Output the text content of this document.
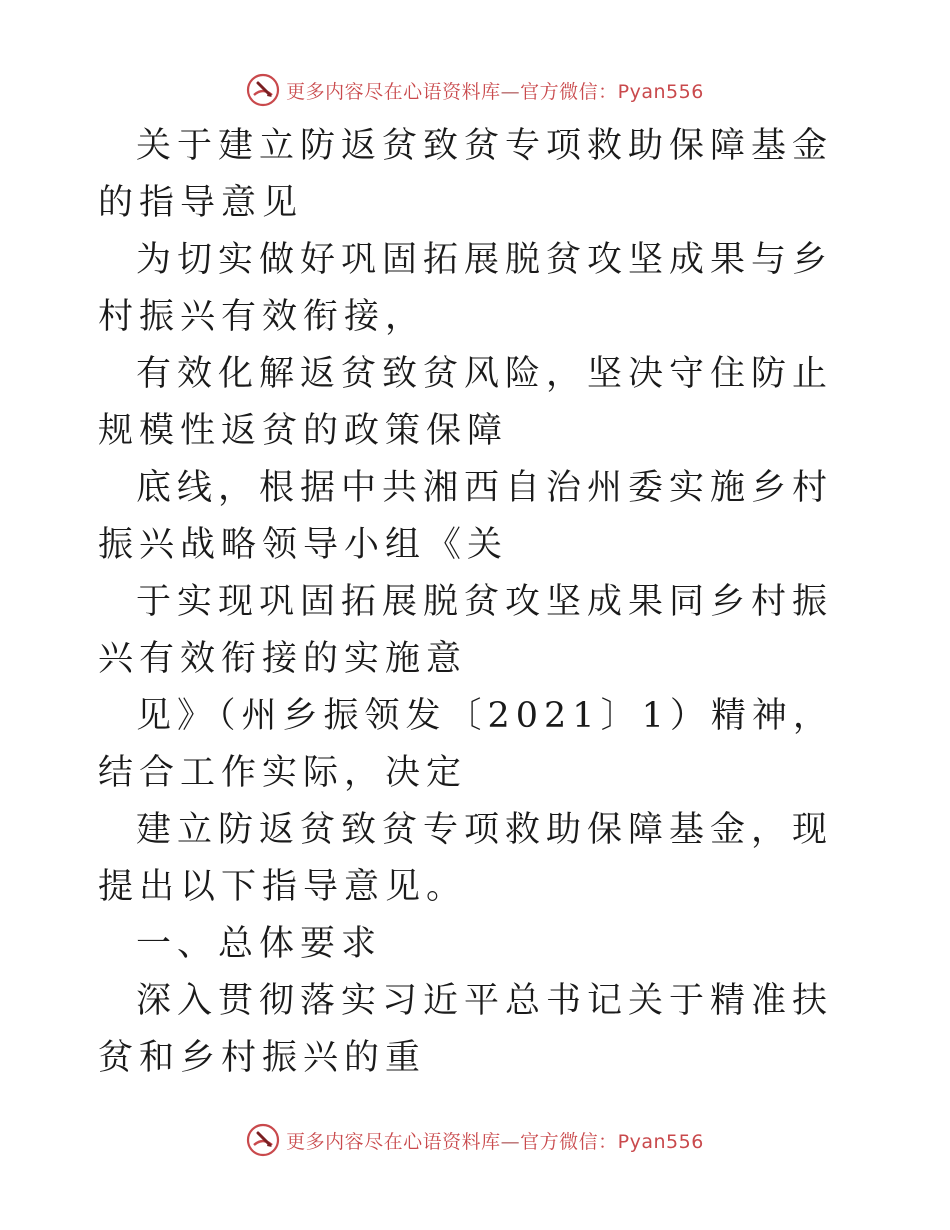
更多内容尽在心语资料库—官方微信：Pyan556

关于建立防返贫致贫专项救助保障基金的指导意见

为切实做好巩固拓展脱贫攻坚成果与乡村振兴有效衔接，

有效化解返贫致贫风险，坚决守住防止规模性返贫的政策保障

底线，根据中共湘西自治州委实施乡村振兴战略领导小组《关

于实现巩固拓展脱贫攻坚成果同乡村振兴有效衔接的实施意

见》（州乡振领发〔2021〕1）精神，结合工作实际，决定

建立防返贫致贫专项救助保障基金，现提出以下指导意见。

一、总体要求

深入贯彻落实习近平总书记关于精准扶贫和乡村振兴的重

更多内容尽在心语资料库—官方微信：Pyan556
